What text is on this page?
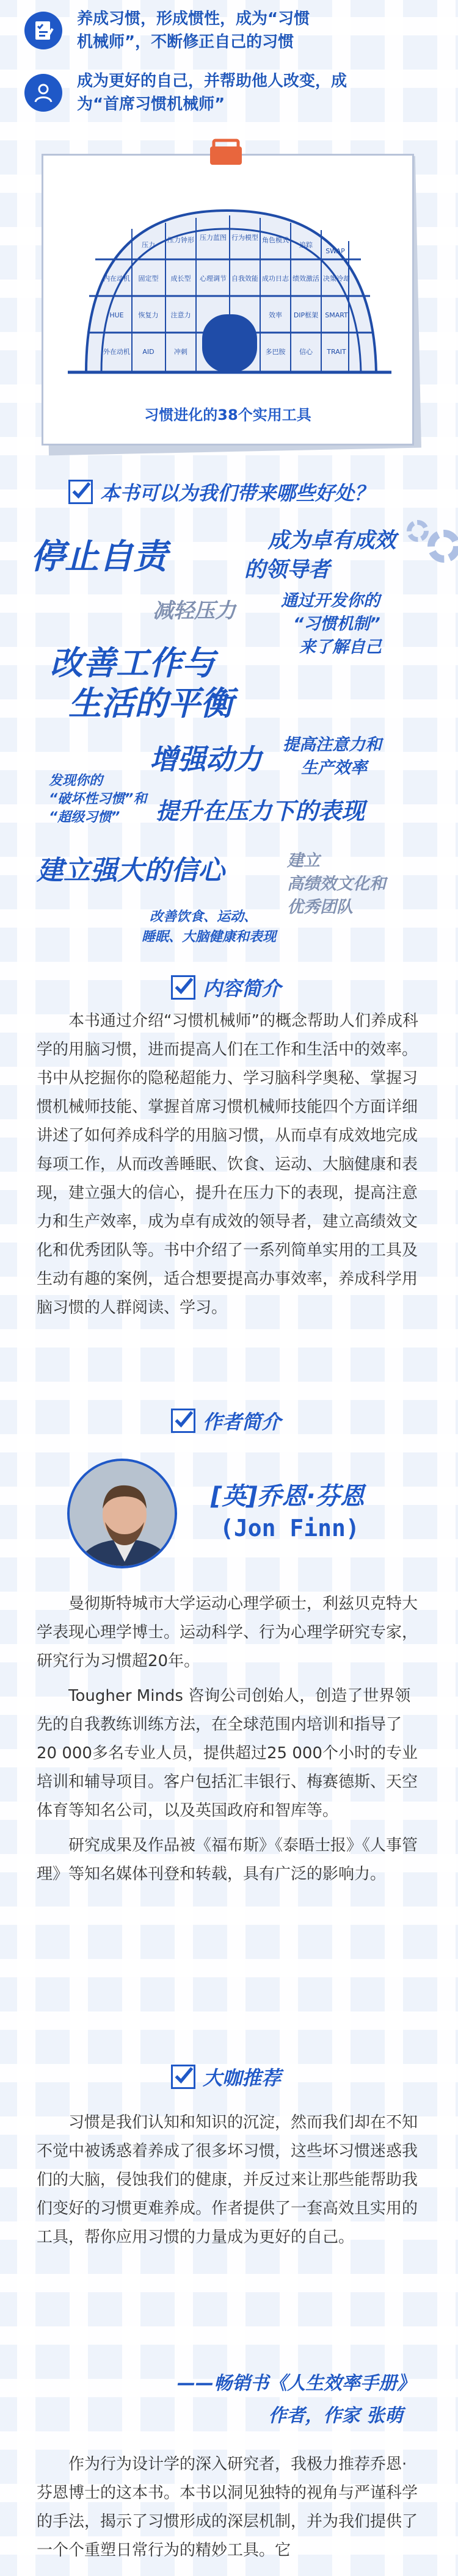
养成习惯，形成惯性，成为“习惯机械师”，不断修正自己的习惯
成为更好的自己，并帮助他人改变，成为“首席习惯机械师”
压力
压力钟形 压力蓝图 行为模型 角色模式
追踪
SWAP
内在动机 固定型 成长型 心理调节 自我效能 成功日志 绩效激活 决策冷却
HUE 恢复力 注意力	效率 DIP框架 SMART
外在动机 AID	冲刺	多巴胺 信心 TRAIT
习惯进化的38个实用工具
本书可以为我们带来哪些好处？
停止自责	成为卓有成效的领导者
减轻压力	通过开发你的
“习惯机制”
来了解自己
改善工作与
生活的平衡
增强动力 提高注意力和
生产效率
发现你的
“破坏性习惯”和
“超级习惯” 提升在压力下的表现
建立强大的信心	建立
高绩效文化和
优秀团队
改善饮食、运动、
睡眠、大脑健康和表现
内容简介

本书通过介绍“习惯机械师”的概念帮助人们养成科学的用脑习惯，进而提高人们在工作和生活中的效率。书中从挖掘你的隐秘超能力、学习脑科学奥秘、掌握习惯机械师技能、掌握首席习惯机械师技能四个方面详细讲述了如何养成科学的用脑习惯，从而卓有成效地完成每项工作，从而改善睡眠、饮食、运动、大脑健康和表现，建立强大的信心，提升在压力下的表现，提高注意力和生产效率，成为卓有成效的领导者，建立高绩效文化和优秀团队等。书中介绍了一系列简单实用的工具及生动有趣的案例，适合想要提高办事效率，养成科学用脑习惯的人群阅读、学习。

作者简介
[英]乔恩·芬恩
(Jon Finn)

曼彻斯特城市大学运动心理学硕士，利兹贝克特大学表现心理学博士。运动科学、行为心理学研究专家，研究行为习惯超20年。

Tougher Minds 咨询公司创始人，创造了世界领先的自我教练训练方法，在全球范围内培训和指导了20 000多名专业人员，提供超过25 000个小时的专业培训和辅导项目。客户包括汇丰银行、梅赛德斯、天空体育等知名公司，以及英国政府和智库等。

研究成果及作品被《福布斯》《泰晤士报》《人事管理》等知名媒体刊登和转载，具有广泛的影响力。

大咖推荐

习惯是我们认知和知识的沉淀，然而我们却在不知不觉中被诱惑着养成了很多坏习惯，这些坏习惯迷惑我们的大脑，侵蚀我们的健康，并反过来让那些能帮助我们变好的习惯更难养成。作者提供了一套高效且实用的工具，帮你应用习惯的力量成为更好的自己。

——畅销书《人生效率手册》
作者，作家 张萌

作为行为设计学的深入研究者，我极力推荐乔恩·芬恩博士的这本书。本书以洞见独特的视角与严谨科学的手法，揭示了习惯形成的深层机制，并为我们提供了一个个重塑日常行为的精妙工具。它
